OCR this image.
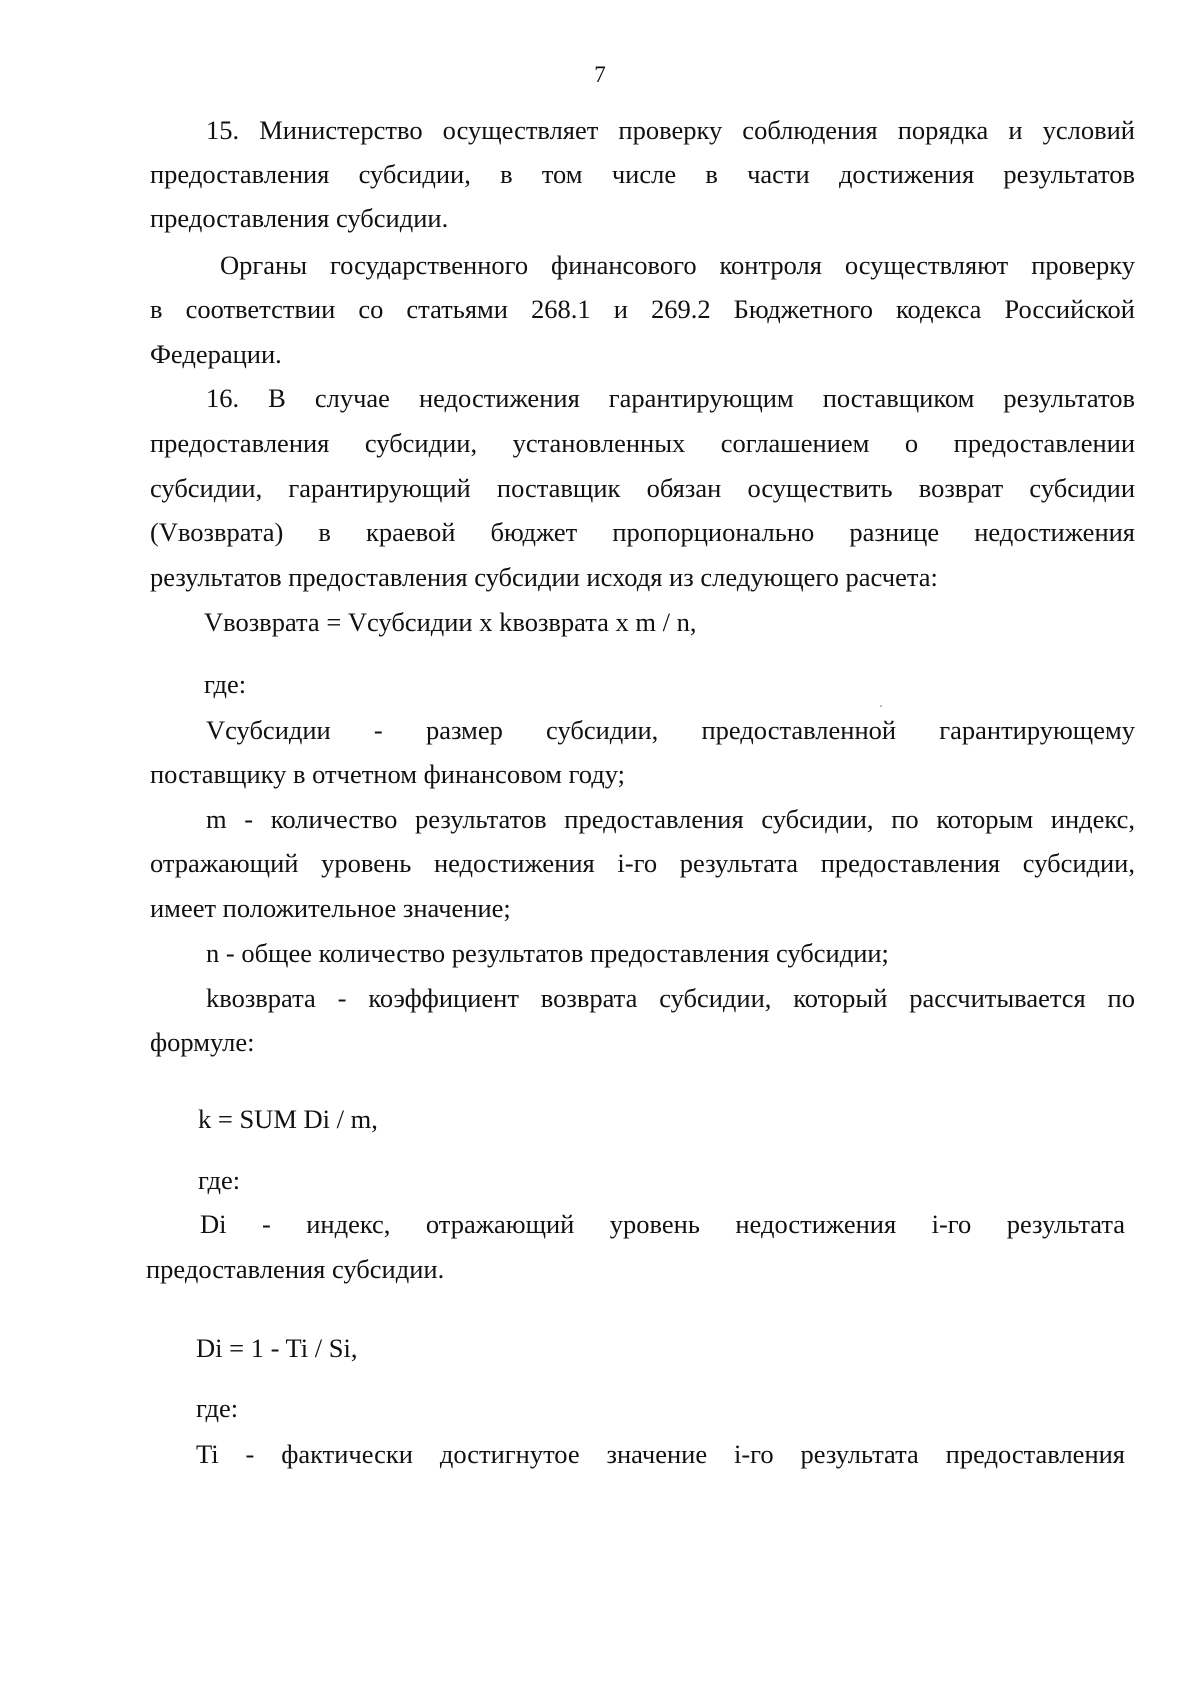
7
15. Министерство осуществляет проверку соблюдения порядка и условий
предоставления субсидии, в том числе в части достижения результатов
предоставления субсидии.
Органы государственного финансового контроля осуществляют проверку
в соответствии со статьями 268.1 и 269.2 Бюджетного кодекса Российской
Федерации.
16. В случае недостижения гарантирующим поставщиком результатов
предоставления субсидии, установленных соглашением о предоставлении
субсидии, гарантирующий поставщик обязан осуществить возврат субсидии
(Vвозврата) в краевой бюджет пропорционально разнице недостижения
результатов предоставления субсидии исходя из следующего расчета:
Vвозврата = Vсубсидии x kвозврата x m / n,
где:
Vсубсидии - размер субсидии, предоставленной гарантирующему
поставщику в отчетном финансовом году;
m - количество результатов предоставления субсидии, по которым индекс,
отражающий уровень недостижения i-го результата предоставления субсидии,
имеет положительное значение;
n - общее количество результатов предоставления субсидии;
kвозврата - коэффициент возврата субсидии, который рассчитывается по
формуле:
k = SUM Di / m,
где:
Di - индекс, отражающий уровень недостижения i-го результата
предоставления субсидии.
Di = 1 - Ti / Si,
где:
Ti - фактически достигнутое значение i-го результата предоставления
